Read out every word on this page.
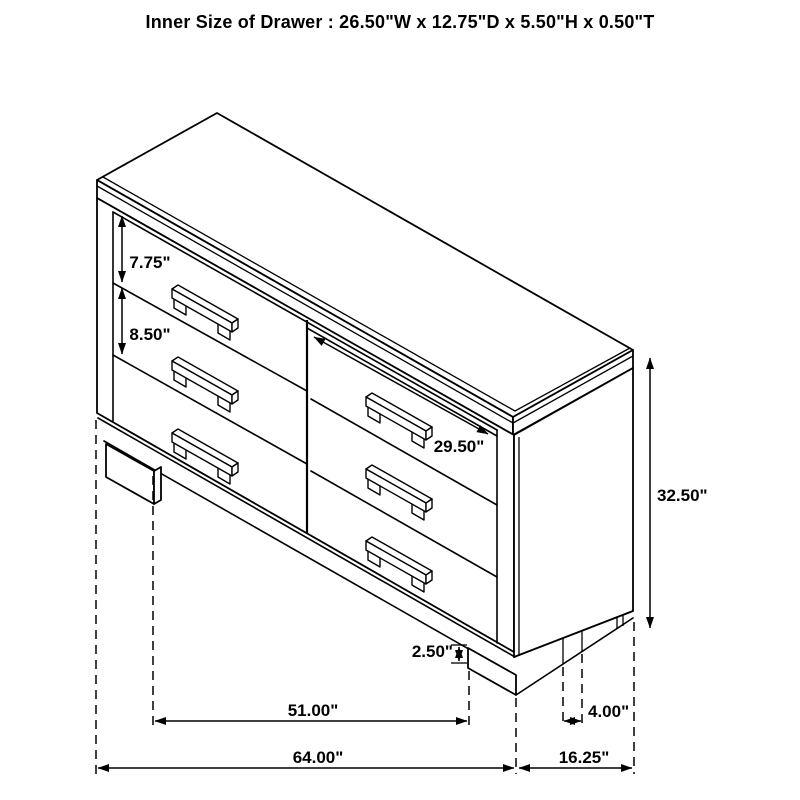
Inner Size of Drawer : 26.50"W x 12.75"D x 5.50"H x 0.50"T
7.75"
8.50"
29.50"
32.50"
2.50"
51.00"	4.00"
64.00"	16.25"
